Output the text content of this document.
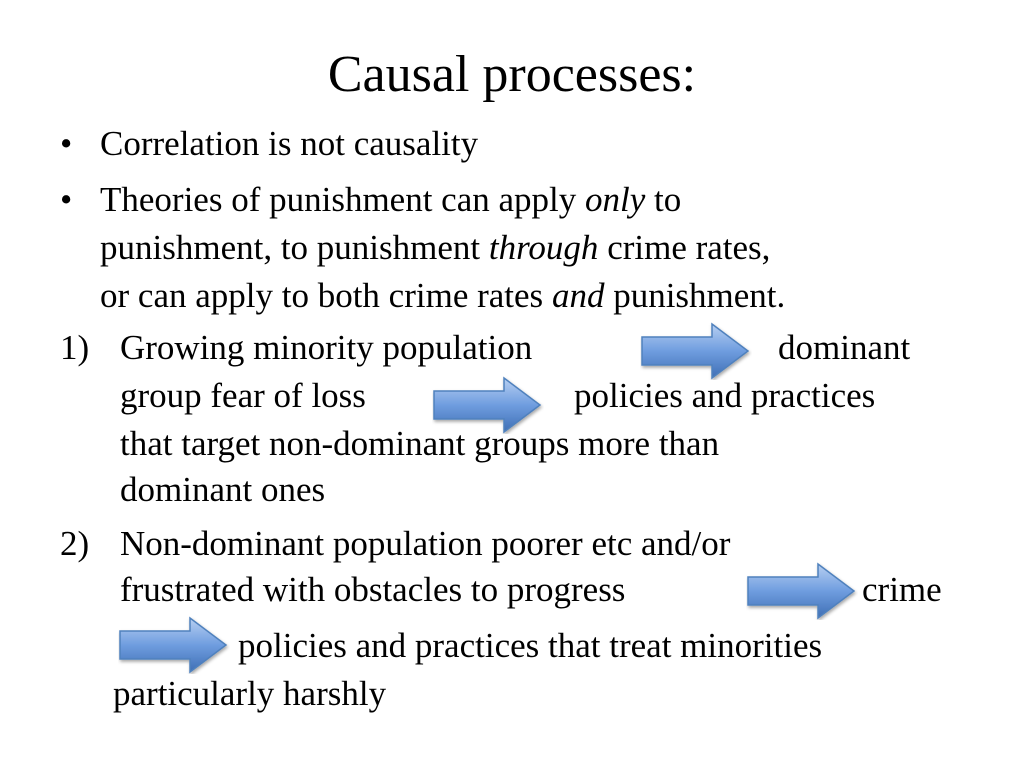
Causal processes:
• Correlation is not causality
• Theories of punishment can apply only to
punishment, to punishment through crime rates,
or can apply to both crime rates and punishment.
1) Growing minority population	dominant
group fear of loss	policies and practices
that target non-dominant groups more than
dominant ones
2) Non-dominant population poorer etc and/or
frustrated with obstacles to progress	crime
policies and practices that treat minorities
particularly harshly
